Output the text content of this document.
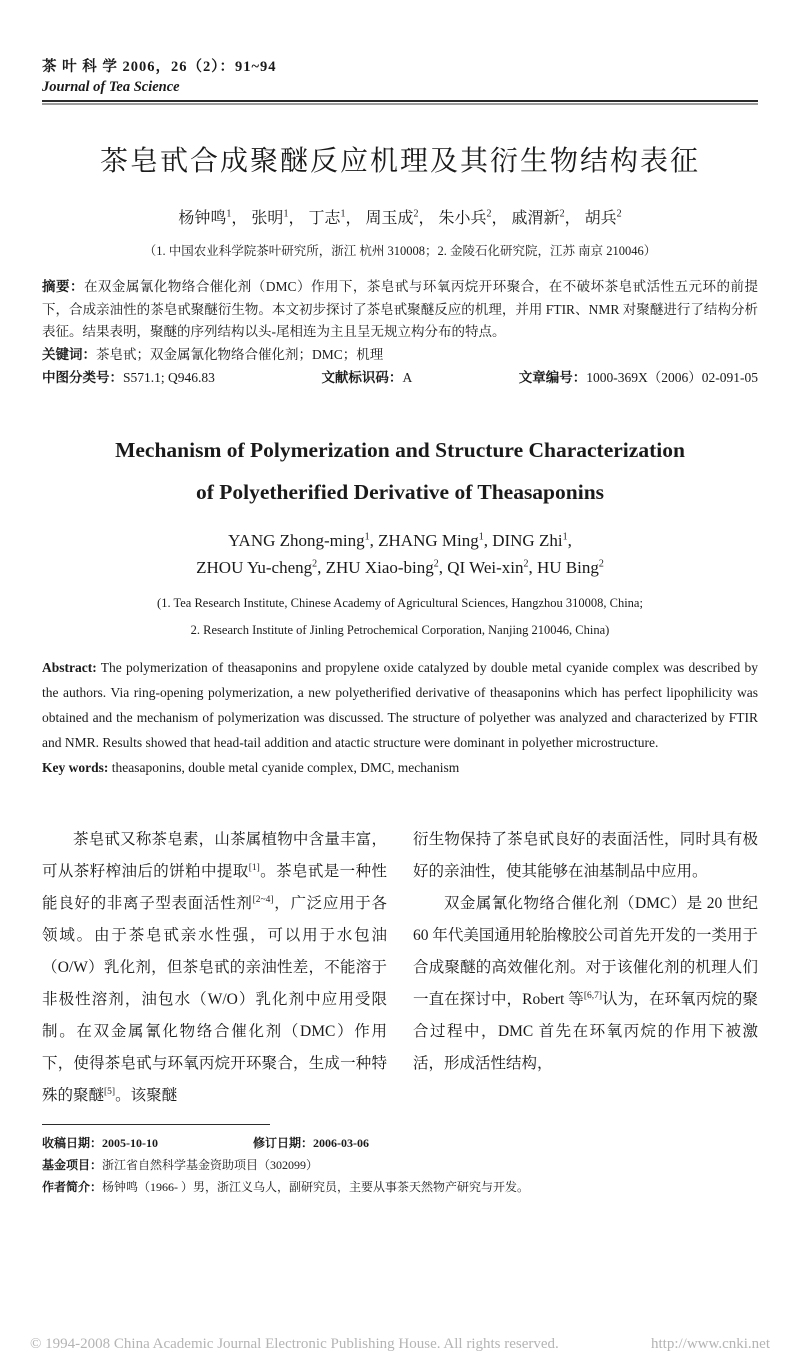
茶 叶 科 学 2006，26（2）：91~94
Journal of Tea Science
茶皂甙合成聚醚反应机理及其衍生物结构表征
杨钟鸣$^1$， 张明$^1$， 丁志$^1$， 周玉成$^2$， 朱小兵$^2$， 戚渭新$^2$， 胡兵$^2$
（1. 中国农业科学院茶叶研究所，浙江 杭州 310008；2. 金陵石化研究院，江苏 南京 210046）
摘要：在双金属氰化物络合催化剂（DMC）作用下，茶皂甙与环氧丙烷开环聚合，在不破坏茶皂甙活性五元环的前提下，合成亲油性的茶皂甙聚醚衍生物。本文初步探讨了茶皂甙聚醚反应的机理，并用 FTIR、NMR 对聚醚进行了结构分析表征。结果表明，聚醚的序列结构以头-尾相连为主且呈无规立构分布的特点。
关键词：茶皂甙；双金属氰化物络合催化剂；DMC；机理
中图分类号：S571.1; Q946.83	文献标识码：A	文章编号：1000-369X（2006）02-091-05
Mechanism of Polymerization and Structure Characterization
of Polyetherified Derivative of Theasaponins
YANG Zhong-ming$^1$, ZHANG Ming$^1$, DING Zhi$^1$,
ZHOU Yu-cheng$^2$, ZHU Xiao-bing$^2$, QI Wei-xin$^2$, HU Bing$^2$
(1. Tea Research Institute, Chinese Academy of Agricultural Sciences, Hangzhou 310008, China;
2. Research Institute of Jinling Petrochemical Corporation, Nanjing 210046, China)
Abstract: The polymerization of theasaponins and propylene oxide catalyzed by double metal cyanide complex was described by the authors. Via ring-opening polymerization, a new polyetherified derivative of theasaponins which has perfect lipophilicity was obtained and the mechanism of polymerization was discussed. The structure of polyether was analyzed and characterized by FTIR and NMR. Results showed that head-tail addition and atactic structure were dominant in polyether microstructure.
Key words: theasaponins, double metal cyanide complex, DMC, mechanism

茶皂甙又称茶皂素，山茶属植物中含量丰富，可从茶籽榨油后的饼粕中提取[1]。茶皂甙是一种性能良好的非离子型表面活性剂[2~4]，广泛应用于各领域。由于茶皂甙亲水性强，可以用于水包油（O/W）乳化剂，但茶皂甙的亲油性差，不能溶于非极性溶剂，油包水（W/O）乳化剂中应用受限制。在双金属氰化物络合催化剂（DMC）作用下，使得茶皂甙与环氧丙烷开环聚合，生成一种特殊的聚醚[5]。该聚醚

衍生物保持了茶皂甙良好的表面活性，同时具有极好的亲油性，使其能够在油基制品中应用。

双金属氰化物络合催化剂（DMC）是 20 世纪 60 年代美国通用轮胎橡胶公司首先开发的一类用于合成聚醚的高效催化剂。对于该催化剂的机理人们一直在探讨中，Robert 等[6,7]认为，在环氧丙烷的聚合过程中，DMC 首先在环氧丙烷的作用下被激活，形成活性结构，

收稿日期：2005-10-10	修订日期：2006-03-06
基金项目：浙江省自然科学基金资助项目（302099）
作者简介：杨钟鸣（1966- ）男，浙江义乌人，副研究员，主要从事茶天然物产研究与开发。
© 1994-2008 China Academic Journal Electronic Publishing House. All rights reserved.	http://www.cnki.net
